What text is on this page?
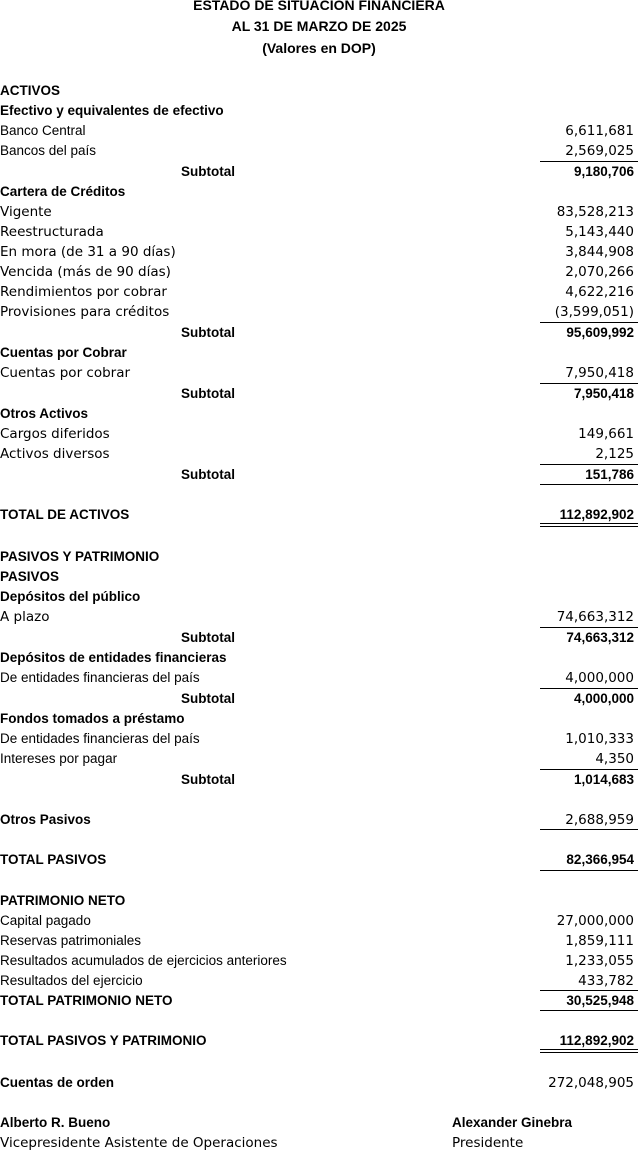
ESTADO DE SITUACION FINANCIERA
AL 31 DE MARZO DE 2025
(Valores en DOP)
ACTIVOS
Efectivo y equivalentes de efectivo
Banco Central	6,611,681
Bancos del país	2,569,025
Subtotal	9,180,706
Cartera de Créditos
Vigente	83,528,213
Reestructurada	5,143,440
En mora (de 31 a 90 días)	3,844,908
Vencida (más de 90 días)	2,070,266
Rendimientos por cobrar	4,622,216
Provisiones para créditos	(3,599,051)
Subtotal	95,609,992
Cuentas por Cobrar
Cuentas por cobrar	7,950,418
Subtotal	7,950,418
Otros Activos
Cargos diferidos	149,661
Activos diversos	2,125
Subtotal	151,786
TOTAL DE ACTIVOS	112,892,902
PASIVOS Y PATRIMONIO
PASIVOS
Depósitos del público
A plazo	74,663,312
Subtotal	74,663,312
Depósitos de entidades financieras
De entidades financieras del país	4,000,000
Subtotal	4,000,000
Fondos tomados a préstamo
De entidades financieras del país	1,010,333
Intereses por pagar	4,350
Subtotal	1,014,683
Otros Pasivos	2,688,959
TOTAL PASIVOS	82,366,954
PATRIMONIO NETO
Capital pagado	27,000,000
Reservas patrimoniales	1,859,111
Resultados acumulados de ejercicios anteriores	1,233,055
Resultados del ejercicio	433,782
TOTAL PATRIMONIO NETO	30,525,948
TOTAL PASIVOS Y PATRIMONIO	112,892,902
Cuentas de orden	272,048,905
Alberto R. Bueno
Vicepresidente Asistente de Operaciones
Alexander Ginebra
Presidente
